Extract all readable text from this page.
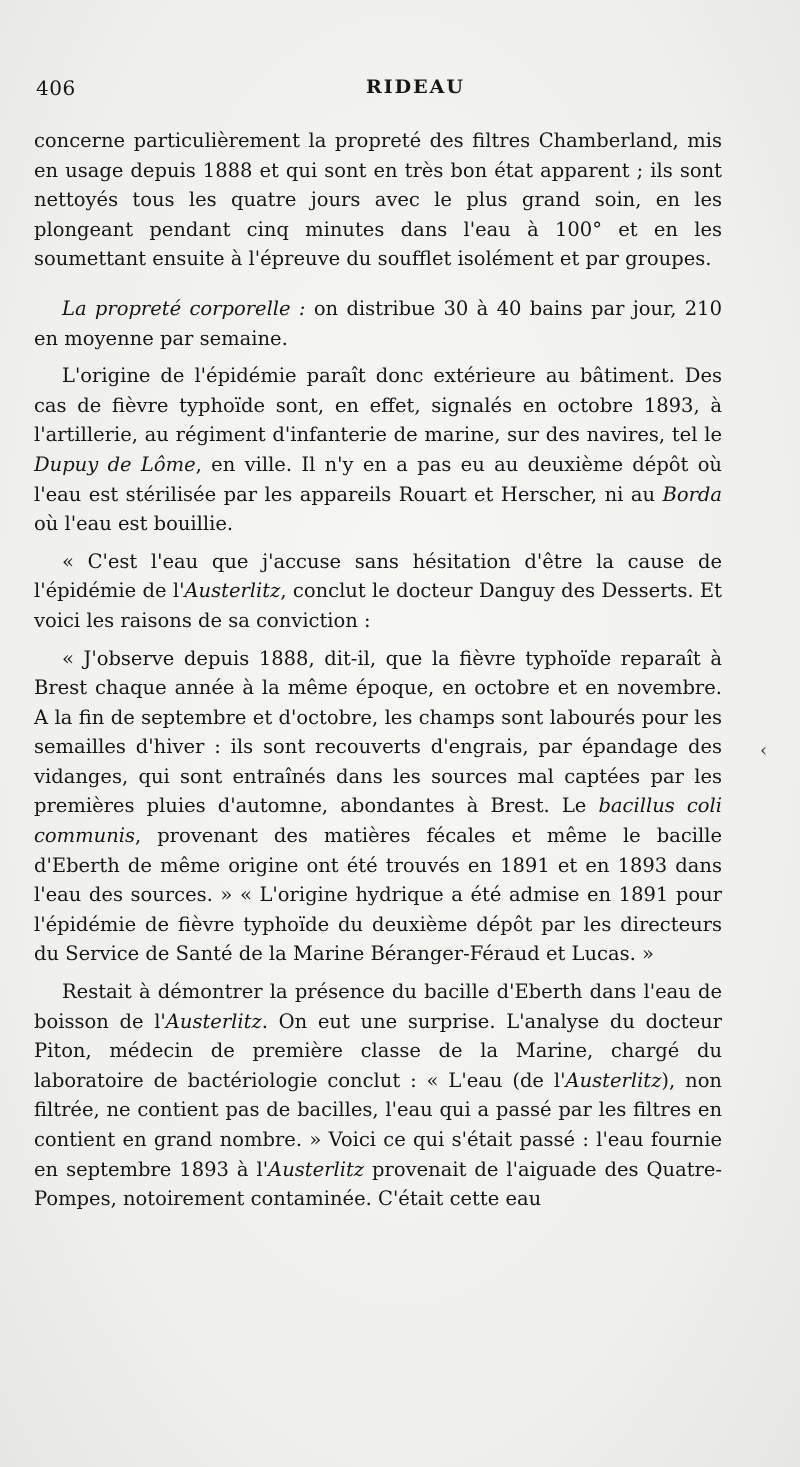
406	RIDEAU

concerne particulièrement la propreté des filtres Chamberland, mis en usage depuis 1888 et qui sont en très bon état apparent ; ils sont nettoyés tous les quatre jours avec le plus grand soin, en les plongeant pendant cinq minutes dans l'eau à 100° et en les soumettant ensuite à l'épreuve du soufflet isolément et par groupes.

La propreté corporelle : on distribue 30 à 40 bains par jour, 210 en moyenne par semaine.

L'origine de l'épidémie paraît donc extérieure au bâtiment. Des cas de fièvre typhoïde sont, en effet, signalés en octobre 1893, à l'artillerie, au régiment d'infanterie de marine, sur des navires, tel le Dupuy de Lôme, en ville. Il n'y en a pas eu au deuxième dépôt où l'eau est stérilisée par les appareils Rouart et Herscher, ni au Borda où l'eau est bouillie.

« C'est l'eau que j'accuse sans hésitation d'être la cause de l'épidémie de l'Austerlitz, conclut le docteur Danguy des Desserts. Et voici les raisons de sa conviction :

« J'observe depuis 1888, dit-il, que la fièvre typhoïde reparaît à Brest chaque année à la même époque, en octobre et en novembre. A la fin de septembre et d'octobre, les champs sont labourés pour les semailles d'hiver : ils sont recouverts d'engrais, par épandage des vidanges, qui sont entraînés dans les sources mal captées par les premières pluies d'automne, abondantes à Brest. Le bacillus coli communis, provenant des matières fécales et même le bacille d'Eberth de même origine ont été trouvés en 1891 et en 1893 dans l'eau des sources. » « L'origine hydrique a été admise en 1891 pour l'épidémie de fièvre typhoïde du deuxième dépôt par les directeurs du Service de Santé de la Marine Béranger-Féraud et Lucas. »

Restait à démontrer la présence du bacille d'Eberth dans l'eau de boisson de l'Austerlitz. On eut une surprise. L'analyse du docteur Piton, médecin de première classe de la Marine, chargé du laboratoire de bactériologie conclut : « L'eau (de l'Austerlitz), non filtrée, ne contient pas de bacilles, l'eau qui a passé par les filtres en contient en grand nombre. » Voici ce qui s'était passé : l'eau fournie en septembre 1893 à l'Austerlitz provenait de l'aiguade des Quatre-Pompes, notoirement contaminée. C'était cette eau

‹
